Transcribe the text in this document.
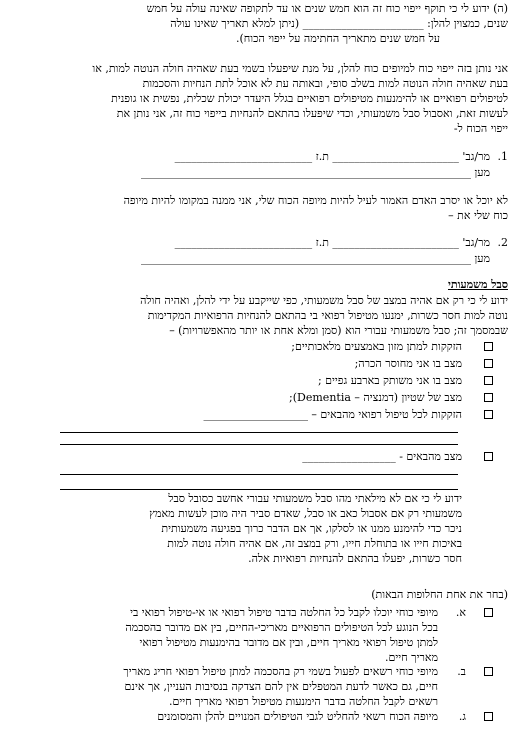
(ה) ידוע לי כי תוקף ייפוי כוח זה הוא חמש שנים או עד לתקופה שאינה עולה על חמש
שנים, כמצוין להלן: ______________________ (ניתן למלא תאריך שאינו עולה
על חמש שנים מתאריך החתימה על ייפוי הכוח).
אני נותן בזה ייפוי כוח למיופים כוח להלן, על מנת שיפעלו בשמי בעת שאהיה חולה הנוטה למות, או
בעת שאהיה חולה הנוטה למות בשלב סופי, ובאותה עת לא אוכל לתת הנחיות והסכמות
לטיפולים רפואיים או להימנעות מטיפולים רפואיים בגלל היעדר יכולת שכלית, נפשית או גופנית
לעשות זאת, ואסבול סבל משמעותי, וכדי שיפעלו בהתאם להנחיות בייפוי כוח זה, אני נותן את
ייפוי הכוח ל-
1.
מר/גב' _______________________ ת.ז _________________________
מען ____________________________________________________________
לא יוכל או יסרב האדם האמור לעיל להיות מיופה הכוח שלי, אני ממנה במקומו להיות מיופה
כוח שלי את –
2.
מר/גב' _______________________ ת.ז _________________________
מען ____________________________________________________________
סבל משמעותי
ידוע לי כי רק אם אהיה במצב של סבל משמעותי, כפי שייקבע על ידי להלן, ואהיה חולה
נוטה למות חסר כשרות, ימנעו מטיפול רפואי בי בהתאם להנחיות הרפואיות המקדימות
שבמסמך זה; סבל משמעותי עבורי הוא (סמן ומלא אחת או יותר מהאפשרויות) –
הזקקות למתן מזון באמצעים מלאכותיים;
מצב בו אני מחוסר הכרה;
מצב בו אני משותק בארבע גפיים ;
מצב של שטיון (דמנציה – Dementia);
הזקקות לכל טיפול רפואי מהבאים – ___________________
מצב מהבאים - _________________
ידוע לי כי אם לא מילאתי מהו סבל משמעותי עבורי אחשב כסובל סבל
משמעותי רק אם אסבול כאב או סבל, שאדם סביר היה מוכן לעשות מאמץ
ניכר כדי להימנע ממנו או לסלקו, אך אם הדבר כרוך בפגיעה משמעותית
באיכות חייו או בתוחלת חייו, ורק במצב זה, אם אהיה חולה נוטה למות
חסר כשרות, יפעלו בהתאם להנחיות רפואיות אלה.
(בחר את אחת החלופות הבאות)
א.
מיופי כוחי יוכלו לקבל כל החלטה בדבר טיפול רפואי או אי-טיפול רפואי בי
בכל הנוגע לכל הטיפולים הרפואיים מאריכי-החיים, בין אם מדובר בהסכמה
למתן טיפול רפואי מאריך חיים, ובין אם מדובר בהימנעות מטיפול רפואי
מאריך חיים.
ב.
מיופי כוחי רשאים לפעול בשמי רק בהסכמה למתן טיפול רפואי חריג מאריך
חיים, גם כאשר לדעת המטפלים אין להם הצדקה בנסיבות העניין, אך אינם
רשאים לקבל החלטה בדבר הימנעות מטיפול רפואי מאריך חיים.
ג.
מיופה הכוח רשאי להחליט לגבי הטיפולים המנויים להלן והמסומנים
